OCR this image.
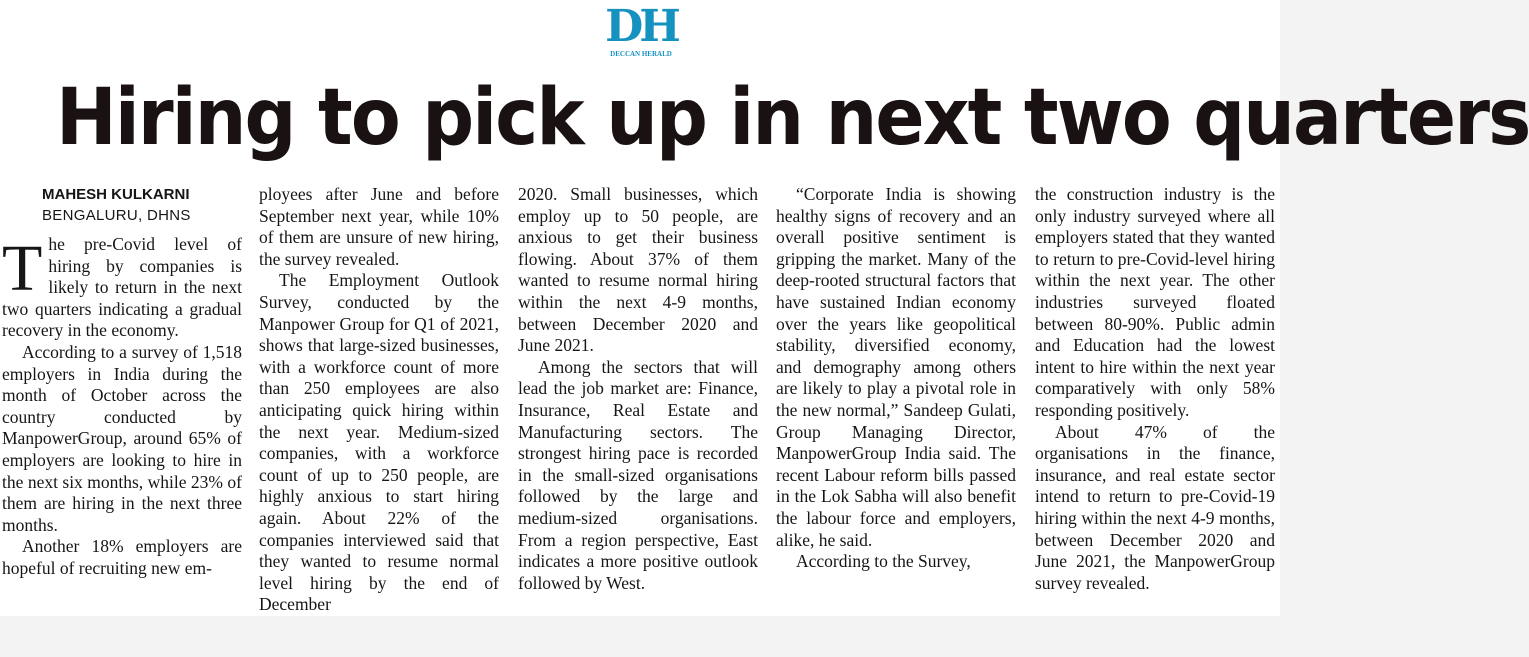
DH
DECCAN HERALD
Hiring to pick up in next two quarters
MAHESH KULKARNI
BENGALURU, DHNS

The pre-Covid level of hiring by companies is likely to return in the next two quarters indicating a gradual recovery in the economy.

According to a survey of 1,518 employers in India during the month of October across the country conducted by ManpowerGroup, around 65% of employers are looking to hire in the next six months, while 23% of them are hiring in the next three months.

Another 18% employers are hopeful of recruiting new em-

ployees after June and before September next year, while 10% of them are unsure of new hiring, the survey revealed.

The Employment Outlook Survey, conducted by the Manpower Group for Q1 of 2021, shows that large-sized businesses, with a workforce count of more than 250 employees are also anticipating quick hiring within the next year. Medium-sized companies, with a workforce count of up to 250 people, are highly anxious to start hiring again. About 22% of the companies interviewed said that they wanted to resume normal level hiring by the end of December

2020. Small businesses, which employ up to 50 people, are anxious to get their business flowing. About 37% of them wanted to resume normal hiring within the next 4-9 months, between December 2020 and June 2021.

Among the sectors that will lead the job market are: Finance, Insurance, Real Estate and Manufacturing sectors. The strongest hiring pace is recorded in the small-sized organisations followed by the large and medium-sized organisations. From a region perspective, East indicates a more positive outlook followed by West.

“Corporate India is showing healthy signs of recovery and an overall positive sentiment is gripping the market. Many of the deep-rooted structural factors that have sustained Indian economy over the years like geopolitical stability, diversified economy, and demography among others are likely to play a pivotal role in the new normal,” Sandeep Gulati, Group Managing Director, ManpowerGroup India said. The recent Labour reform bills passed in the Lok Sabha will also benefit the labour force and employers, alike, he said.

According to the Survey,

the construction industry is the only industry surveyed where all employers stated that they wanted to return to pre-Covid-level hiring within the next year. The other industries surveyed floated between 80-90%. Public admin and Education had the lowest intent to hire within the next year comparatively with only 58% responding positively.

About 47% of the organisations in the finance, insurance, and real estate sector intend to return to pre-Covid-19 hiring within the next 4-9 months, between December 2020 and June 2021, the ManpowerGroup survey revealed.
